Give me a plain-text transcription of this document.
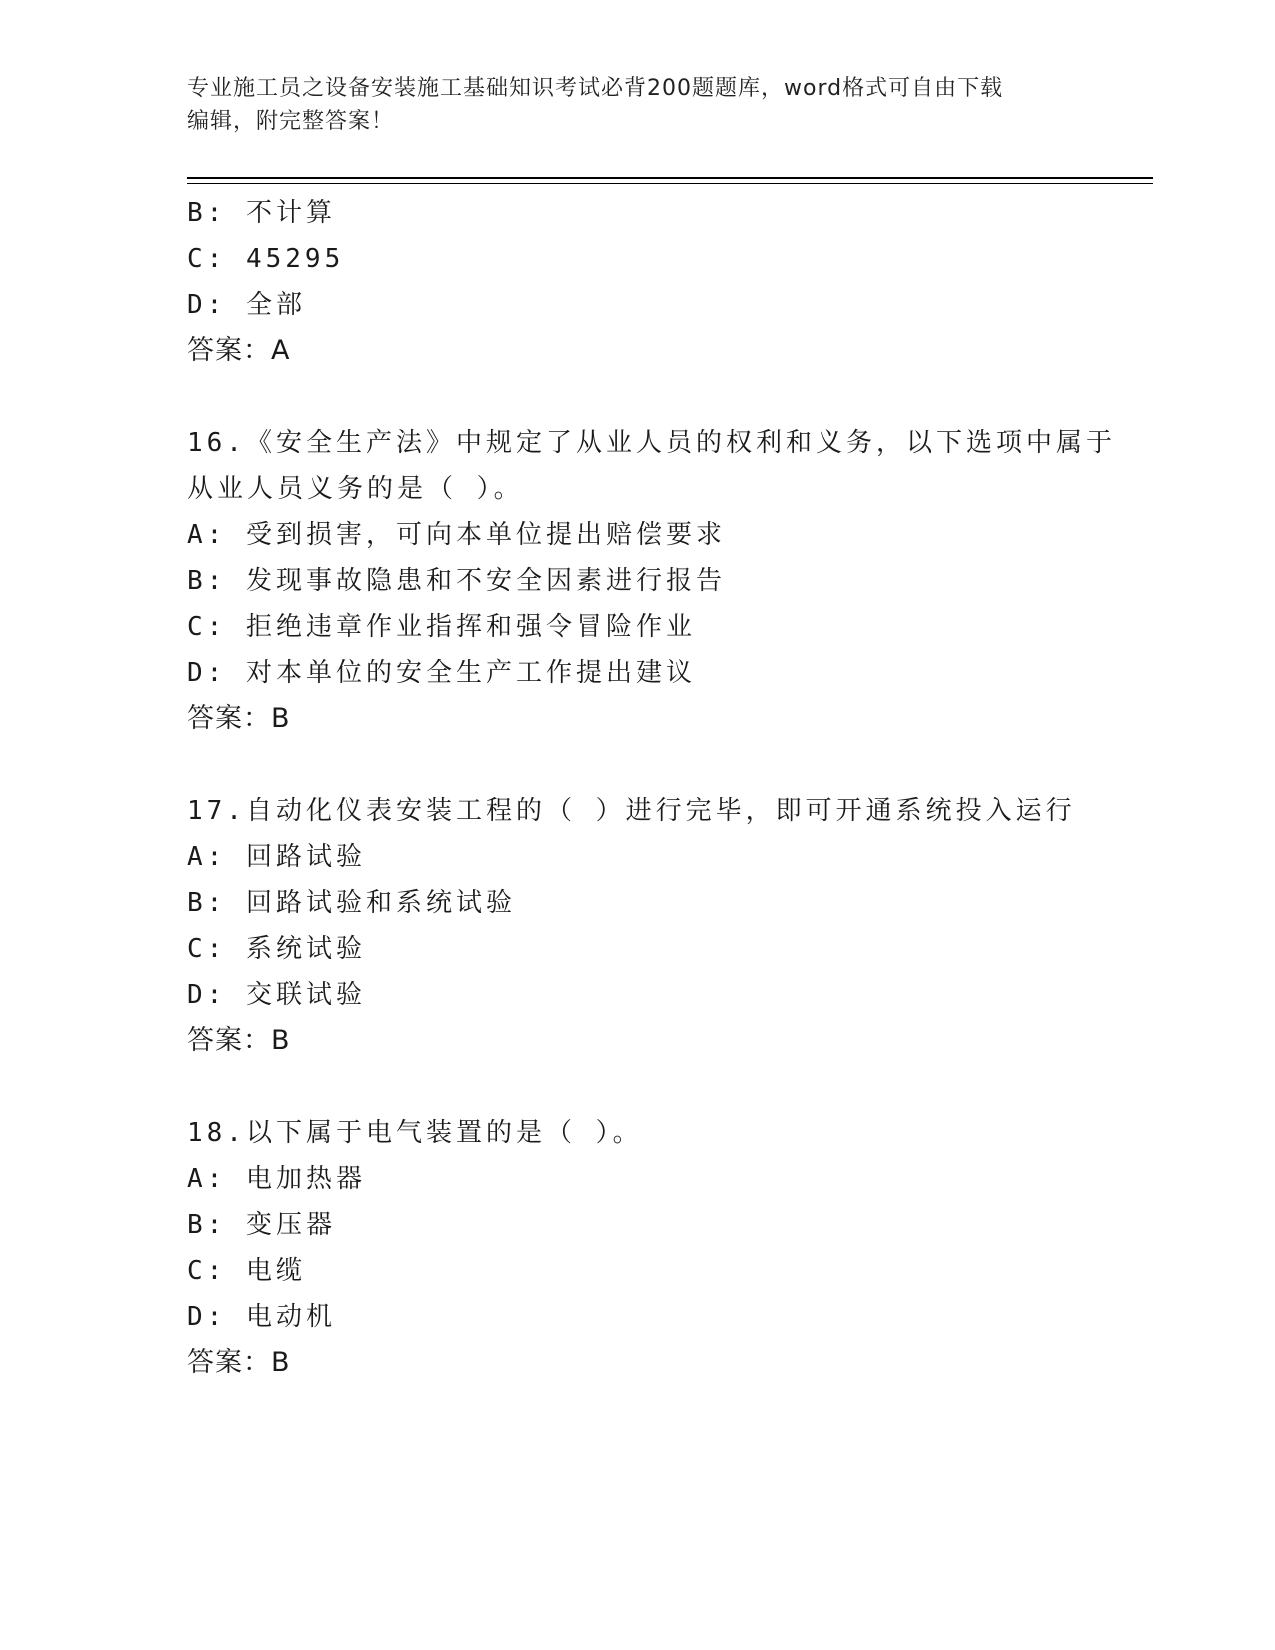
专业施工员之设备安装施工基础知识考试必背200题题库，word格式可自由下载
编辑，附完整答案！
B: 不计算
C: 45295
D: 全部
答案：A
16.《安全生产法》中规定了从业人员的权利和义务，以下选项中属于
从业人员义务的是（ ）。
A: 受到损害，可向本单位提出赔偿要求
B: 发现事故隐患和不安全因素进行报告
C: 拒绝违章作业指挥和强令冒险作业
D: 对本单位的安全生产工作提出建议
答案：B
17.自动化仪表安装工程的（ ）进行完毕，即可开通系统投入运行
A: 回路试验
B: 回路试验和系统试验
C: 系统试验
D: 交联试验
答案：B
18.以下属于电气装置的是（ ）。
A: 电加热器
B: 变压器
C: 电缆
D: 电动机
答案：B
